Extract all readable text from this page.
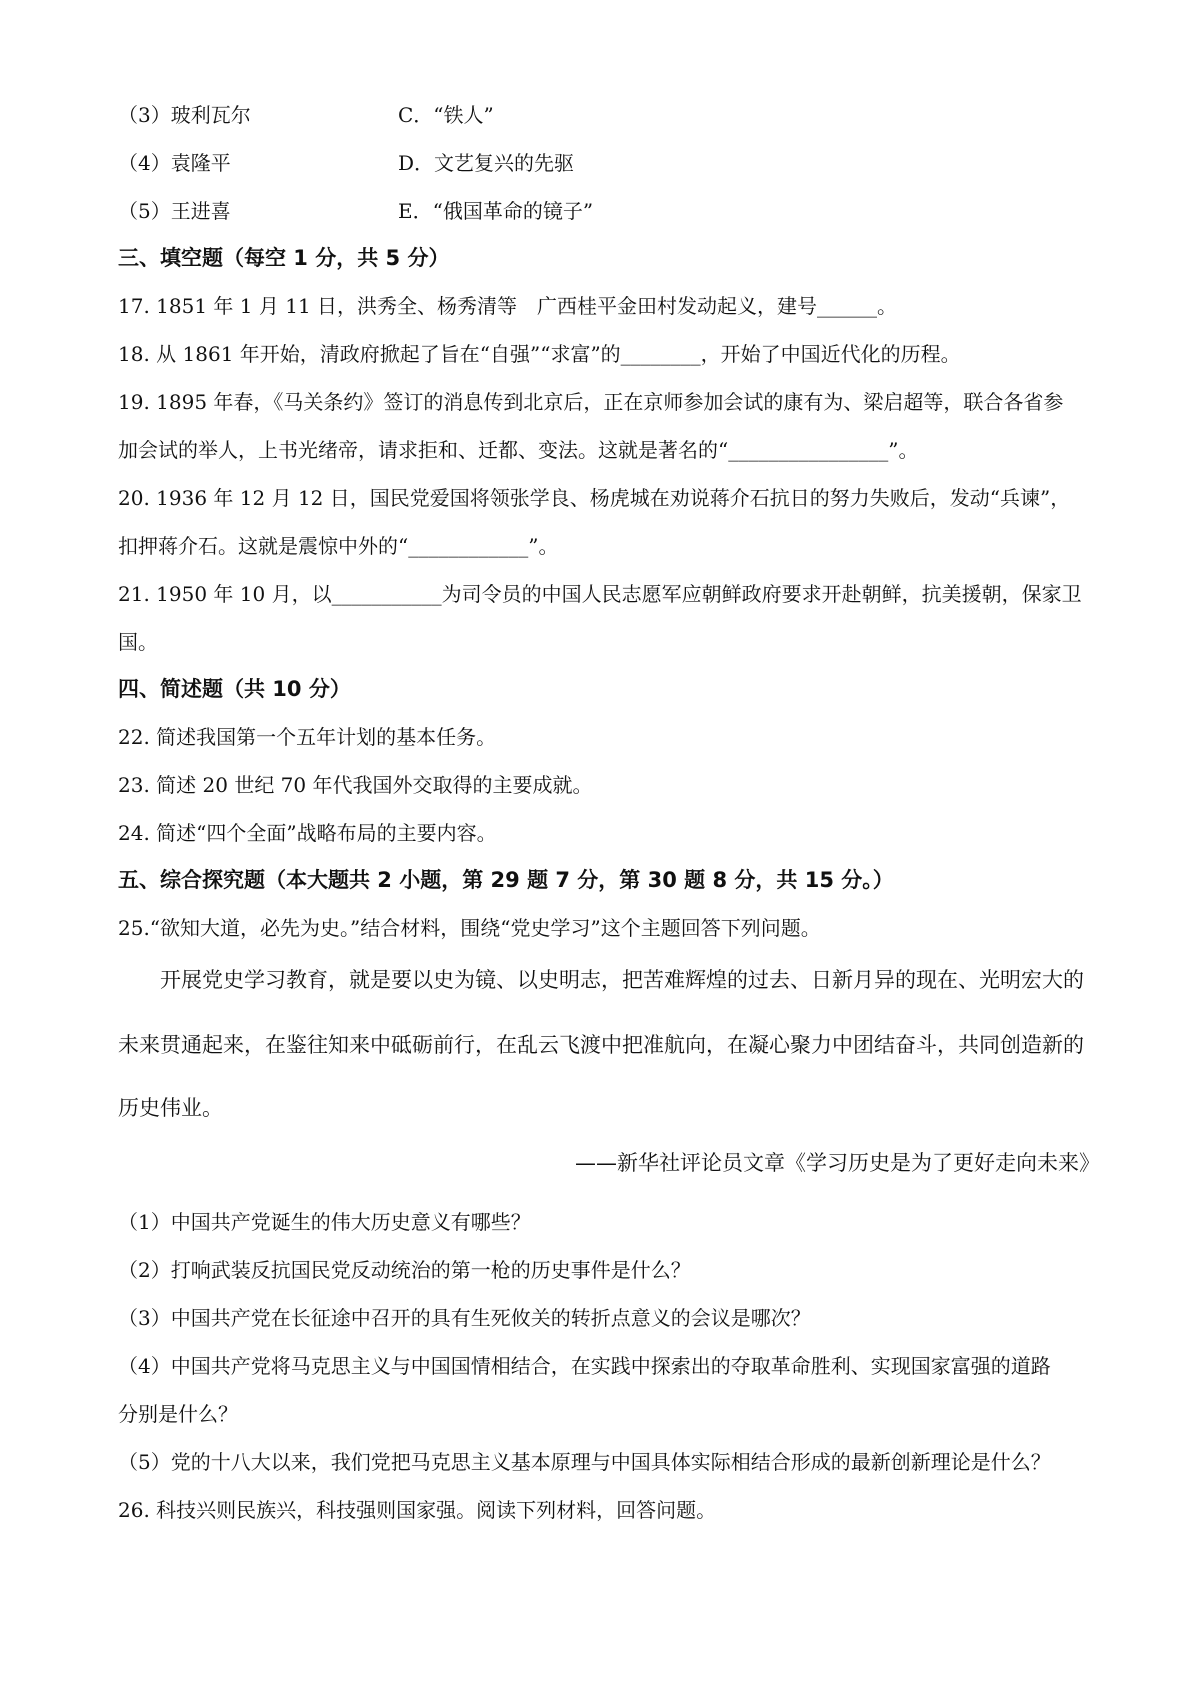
（3）玻利瓦尔	C．“铁人”
（4）袁隆平	D．文艺复兴的先驱
（5）王进喜	E．“俄国革命的镜子”
三、填空题（每空 1 分，共 5 分）
17. 1851 年 1 月 11 日，洪秀全、杨秀清等　广西桂平金田村发动起义，建号______。
18. 从 1861 年开始，清政府掀起了旨在“自强”“求富”的________，开始了中国近代化的历程。
19. 1895 年春，《马关条约》签订的消息传到北京后，正在京师参加会试的康有为、梁启超等，联合各省参
加会试的举人，上书光绪帝，请求拒和、迁都、变法。这就是著名的“________________”。
20. 1936 年 12 月 12 日，国民党爱国将领张学良、杨虎城在劝说蒋介石抗日的努力失败后，发动“兵谏”，
扣押蒋介石。这就是震惊中外的“____________”。
21. 1950 年 10 月，以___________为司令员的中国人民志愿军应朝鲜政府要求开赴朝鲜，抗美援朝，保家卫
国。
四、简述题（共 10 分）
22. 简述我国第一个五年计划的基本任务。
23. 简述 20 世纪 70 年代我国外交取得的主要成就。
24. 简述“四个全面”战略布局的主要内容。
五、综合探究题（本大题共 2 小题，第 29 题 7 分，第 30 题 8 分，共 15 分。）
25.“欲知大道，必先为史。”结合材料，围绕“党史学习”这个主题回答下列问题。
开展党史学习教育，就是要以史为镜、以史明志，把苦难辉煌的过去、日新月异的现在、光明宏大的
未来贯通起来，在鉴往知来中砥砺前行，在乱云飞渡中把准航向，在凝心聚力中团结奋斗，共同创造新的
历史伟业。
——新华社评论员文章《学习历史是为了更好走向未来》
（1）中国共产党诞生的伟大历史意义有哪些？
（2）打响武装反抗国民党反动统治的第一枪的历史事件是什么？
（3）中国共产党在长征途中召开的具有生死攸关的转折点意义的会议是哪次？
（4）中国共产党将马克思主义与中国国情相结合，在实践中探索出的夺取革命胜利、实现国家富强的道路
分别是什么？
（5）党的十八大以来，我们党把马克思主义基本原理与中国具体实际相结合形成的最新创新理论是什么？
26. 科技兴则民族兴，科技强则国家强。阅读下列材料，回答问题。
